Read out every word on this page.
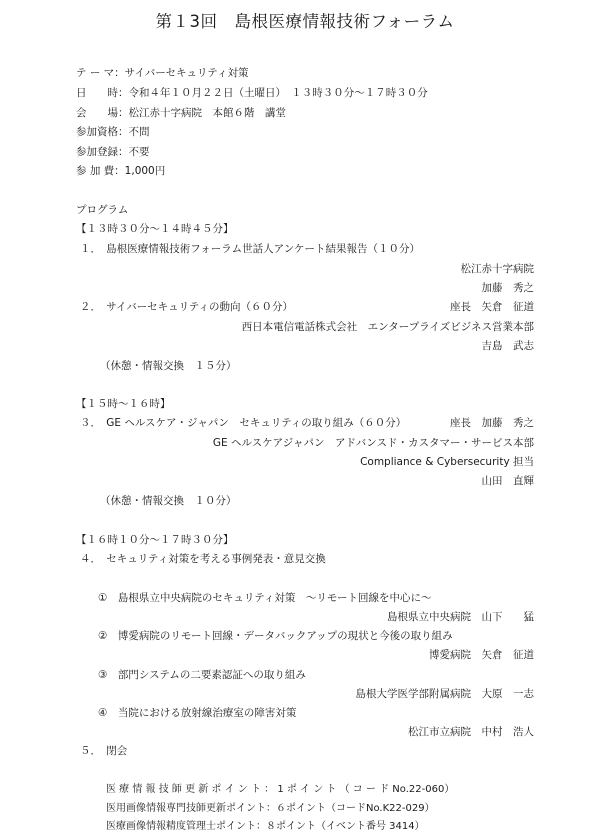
第１3回　島根医療情報技術フォーラム
テ ー マ：サイバーセキュリティ対策
日　　時：令和４年１０月２２日（土曜日）　１３時３０分～１７時３０分
会　　場：松江赤十字病院　本館６階　講堂
参加資格：不問
参加登録：不要
参 加 費：1,000円
プログラム
【１３時３０分～１４時４５分】
１．　島根医療情報技術フォーラム世話人アンケート結果報告（１０分）
松江赤十字病院
加藤　秀之
２．　サイバーセキュリティの動向（６０分）	座長　矢倉　征道
西日本電信電話株式会社　エンタープライズビジネス営業本部
吉島　武志
（休憩・情報交換　１５分）
【１５時～１６時】
３．　GE ヘルスケア・ジャパン　セキュリティの取り組み（６０分）	座長　加藤　秀之
GE ヘルスケアジャパン　アドバンスド・カスタマー・サービス本部
Compliance & Cybersecurity 担当
山田　直輝
（休憩・情報交換　１０分）
【１６時１０分～１７時３０分】
４．　セキュリティ対策を考える事例発表・意見交換
①　島根県立中央病院のセキュリティ対策　～リモート回線を中心に～
島根県立中央病院　山下　　猛
②　博愛病院のリモート回線・データバックアップの現状と今後の取り組み
博愛病院　矢倉　征道
③　部門システムの二要素認証への取り組み
島根大学医学部附属病院　大原　一志
④　当院における放射線治療室の障害対策
松江市立病院　中村　浩人
５．　閉会
医 療 情 報 技 師 更 新 ポ イ ン ト ： 1 ポ イ ン ト （ コ ー ド No.22-060）
医用画像情報専門技師更新ポイント：６ポイント（コードNo.K22-029）
医療画像情報精度管理士ポイント：８ポイント（イベント番号 3414）
